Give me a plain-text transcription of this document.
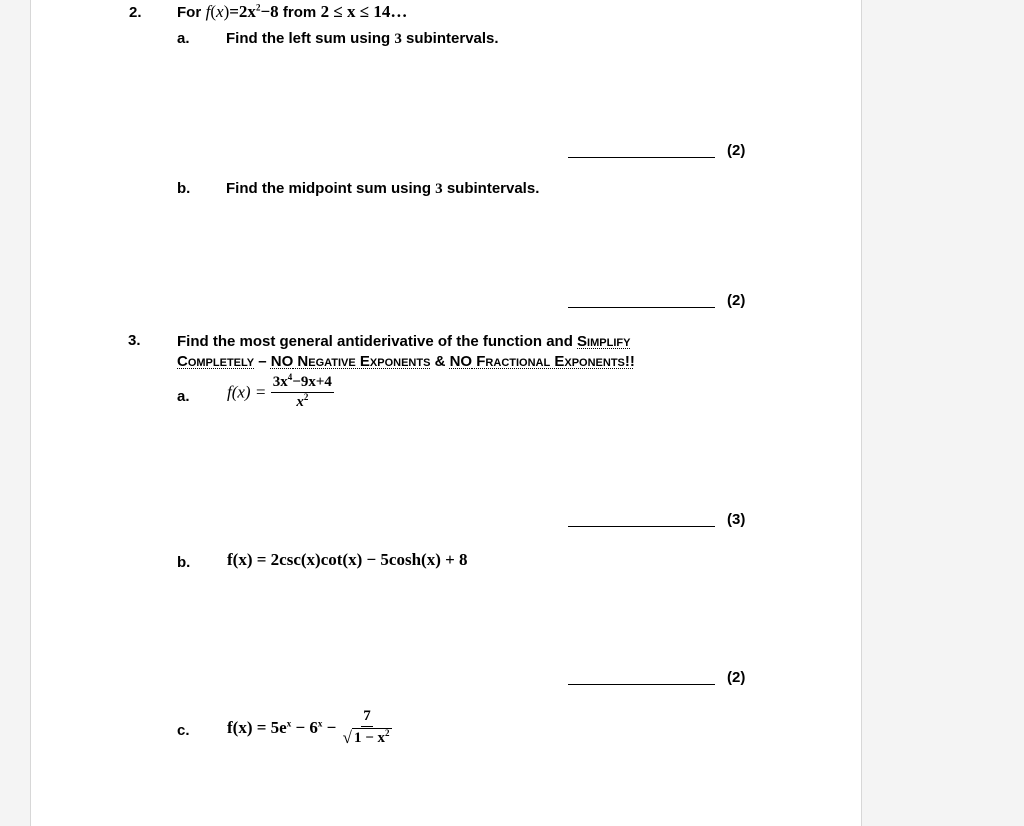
2. For $f(x)=2x^2-8$ from 2 ≤ x ≤ 14…
a. Find the left sum using 3 subintervals.
(2)
b. Find the midpoint sum using 3 subintervals.
(2)
3. Find the most general antiderivative of the function and Simplify
Completely – NO Negative Exponents & NO Fractional Exponents!!
a. $f(x) = \frac{3x^4-9x+4}{x^2}$
(3)
b. f(x) = 2csc(x)cot(x) − 5cosh(x) + 8
(2)
c. $f(x) = 5e^x - 6^x - \frac{7}{√ 1 - x^2}$
